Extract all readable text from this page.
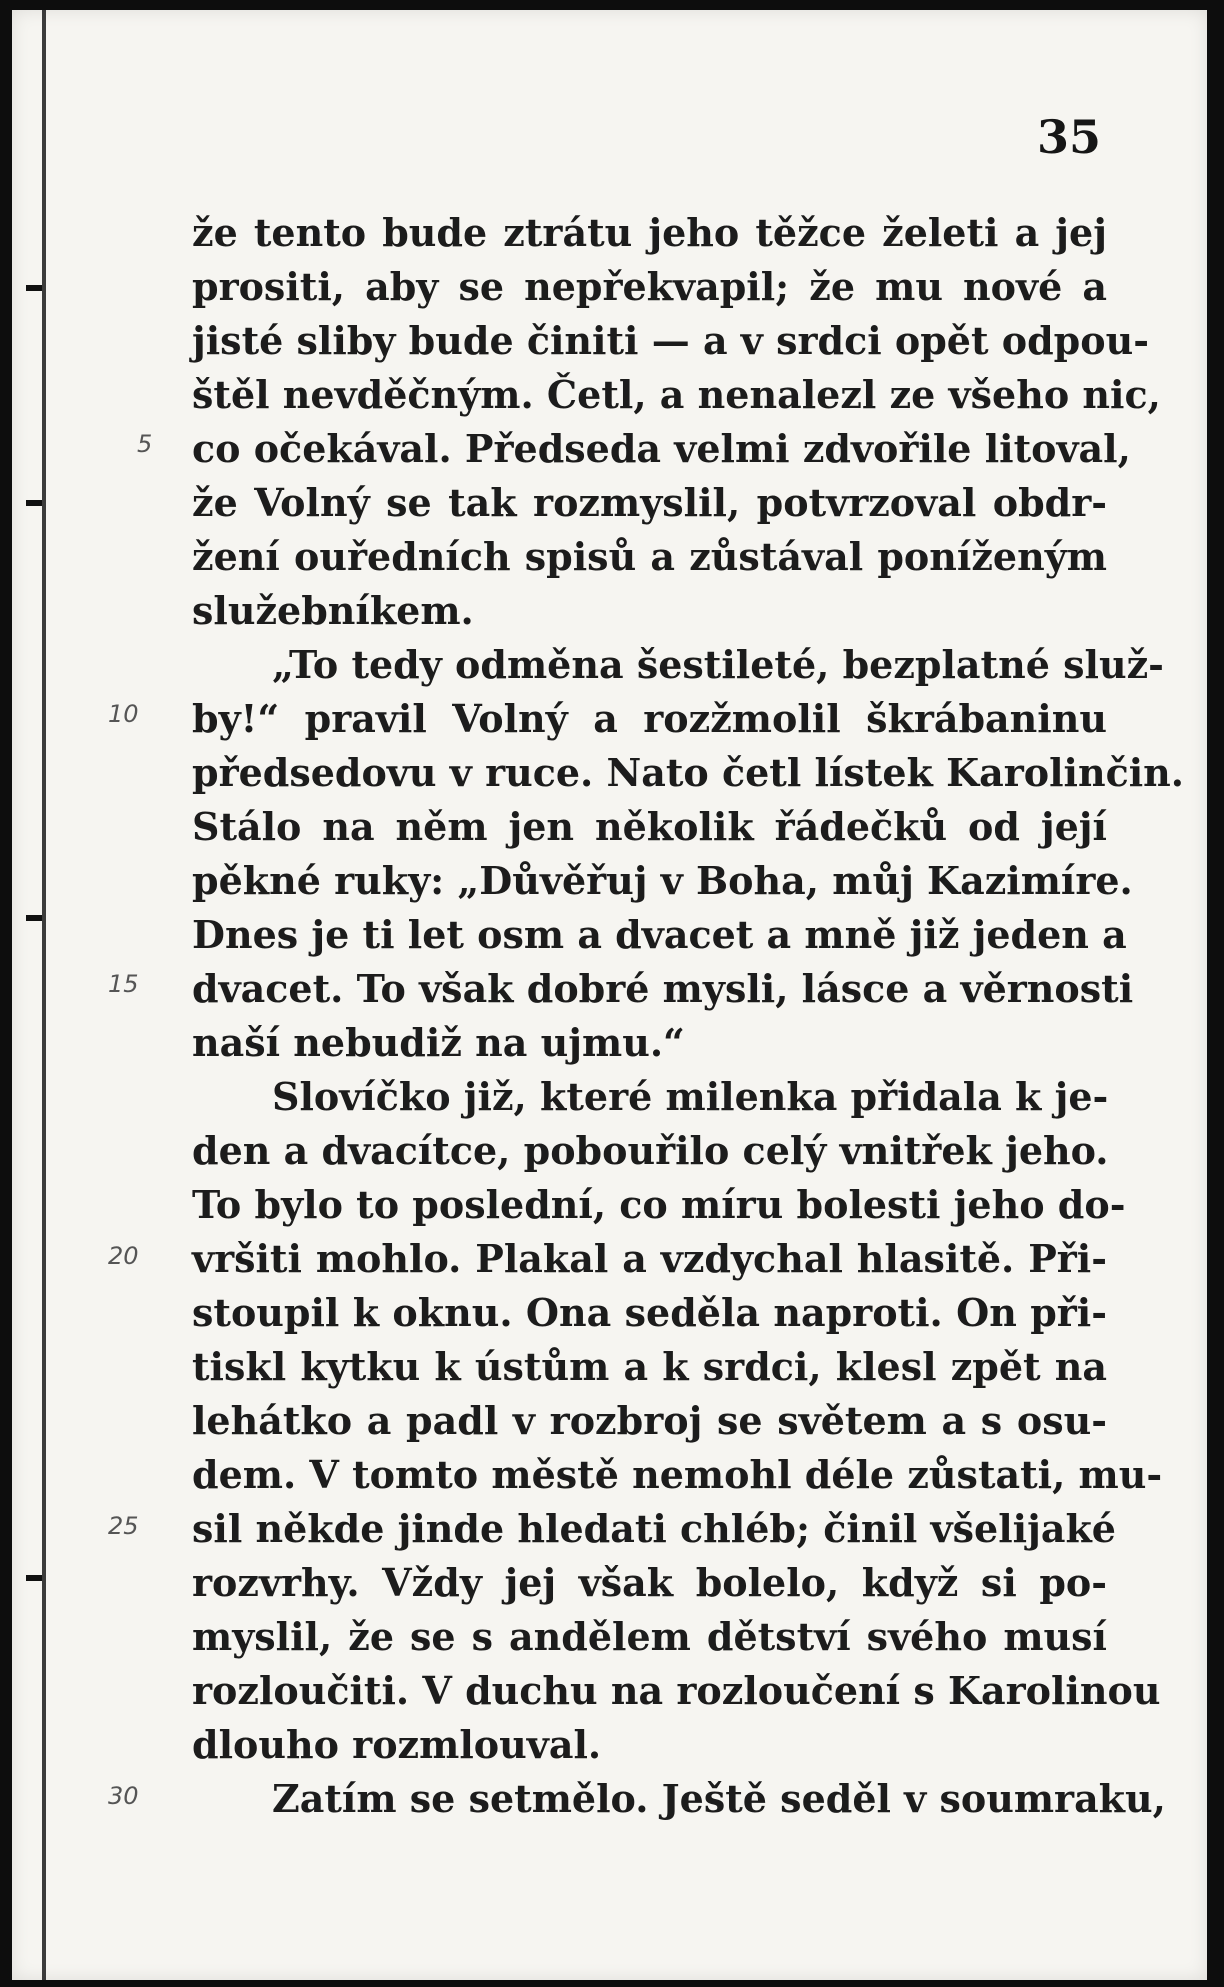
35
5
10
15
20
25
30
že tento bude ztrátu jeho těžce želeti a jej
prositi, aby se nepřekvapil; že mu nové a
jisté sliby bude činiti — a v srdci opět odpou-
štěl nevděčným. Četl, a nenalezl ze všeho nic,
co očekával. Předseda velmi zdvořile litoval,
že Volný se tak rozmyslil, potvrzoval obdr-
žení ouředních spisů a zůstával poníženým
služebníkem.
„To tedy odměna šestileté, bezplatné služ-
by!“ pravil Volný a rozžmolil škrábaninu
předsedovu v ruce. Nato četl lístek Karolinčin.
Stálo na něm jen několik řádečků od její
pěkné ruky: „Důvěřuj v Boha, můj Kazimíre.
Dnes je ti let osm a dvacet a mně již jeden a
dvacet. To však dobré mysli, lásce a věrnosti
naší nebudiž na ujmu.“
Slovíčko již, které milenka přidala k je-
den a dvacítce, pobouřilo celý vnitřek jeho.
To bylo to poslední, co míru bolesti jeho do-
vršiti mohlo. Plakal a vzdychal hlasitě. Při-
stoupil k oknu. Ona seděla naproti. On při-
tiskl kytku k ústům a k srdci, klesl zpět na
lehátko a padl v rozbroj se světem a s osu-
dem. V tomto městě nemohl déle zůstati, mu-
sil někde jinde hledati chléb; činil všelijaké
rozvrhy. Vždy jej však bolelo, když si po-
myslil, že se s andělem dětství svého musí
rozloučiti. V duchu na rozloučení s Karolinou
dlouho rozmlouval.
Zatím se setmělo. Ještě seděl v soumraku,
